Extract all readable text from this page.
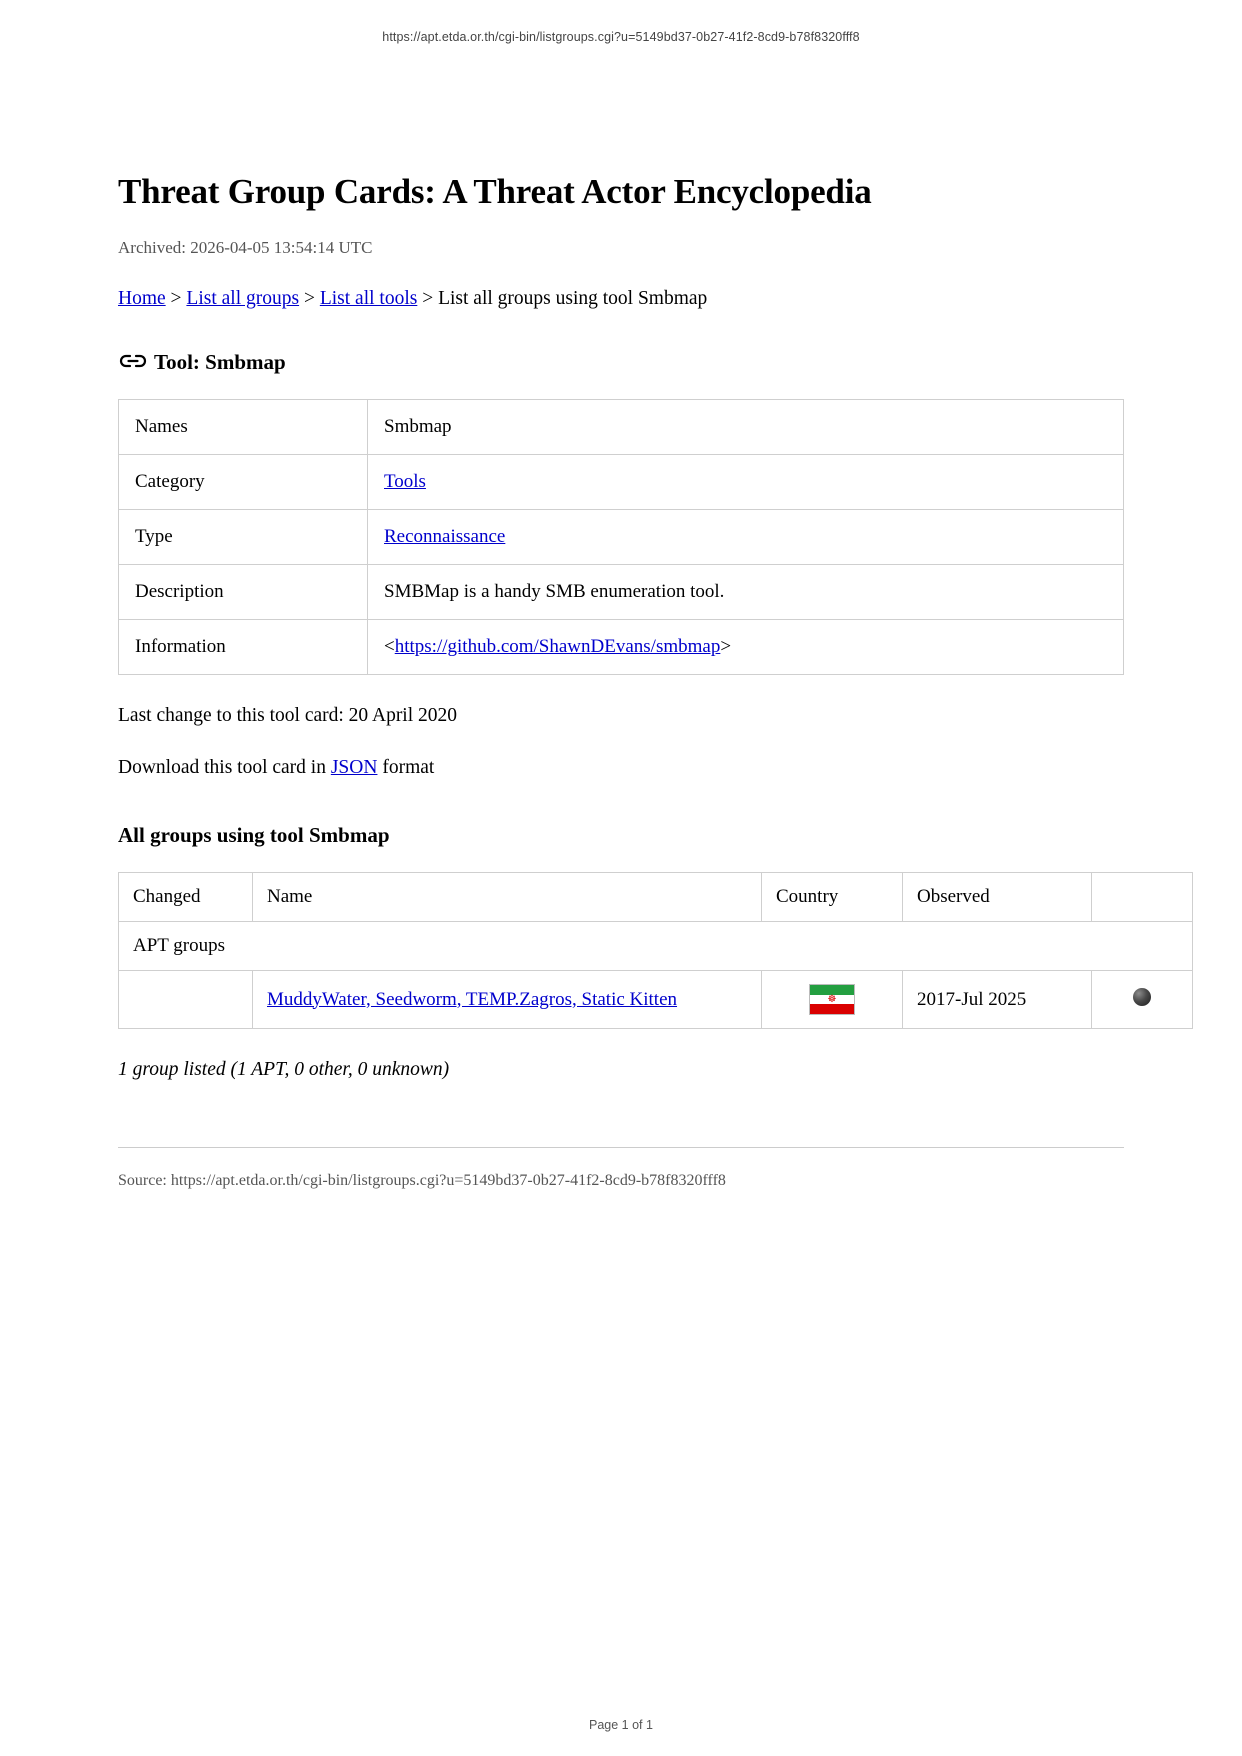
https://apt.etda.or.th/cgi-bin/listgroups.cgi?u=5149bd37-0b27-41f2-8cd9-b78f8320fff8
Threat Group Cards: A Threat Actor Encyclopedia
Archived: 2026-04-05 13:54:14 UTC
Home > List all groups > List all tools > List all groups using tool Smbmap
Tool: Smbmap
Names	Smbmap
Category	Tools
Type	Reconnaissance
Description	SMBMap is a handy SMB enumeration tool.
Information	<https://github.com/ShawnDEvans/smbmap>
Last change to this tool card: 20 April 2020
Download this tool card in JSON format
All groups using tool Smbmap
Changed	Name	Country	Observed	
APT groups				
	MuddyWater, Seedworm, TEMP.Zagros, Static Kitten	☸	2017-Jul 2025	
1 group listed (1 APT, 0 other, 0 unknown)
Source: https://apt.etda.or.th/cgi-bin/listgroups.cgi?u=5149bd37-0b27-41f2-8cd9-b78f8320fff8
Page 1 of 1
